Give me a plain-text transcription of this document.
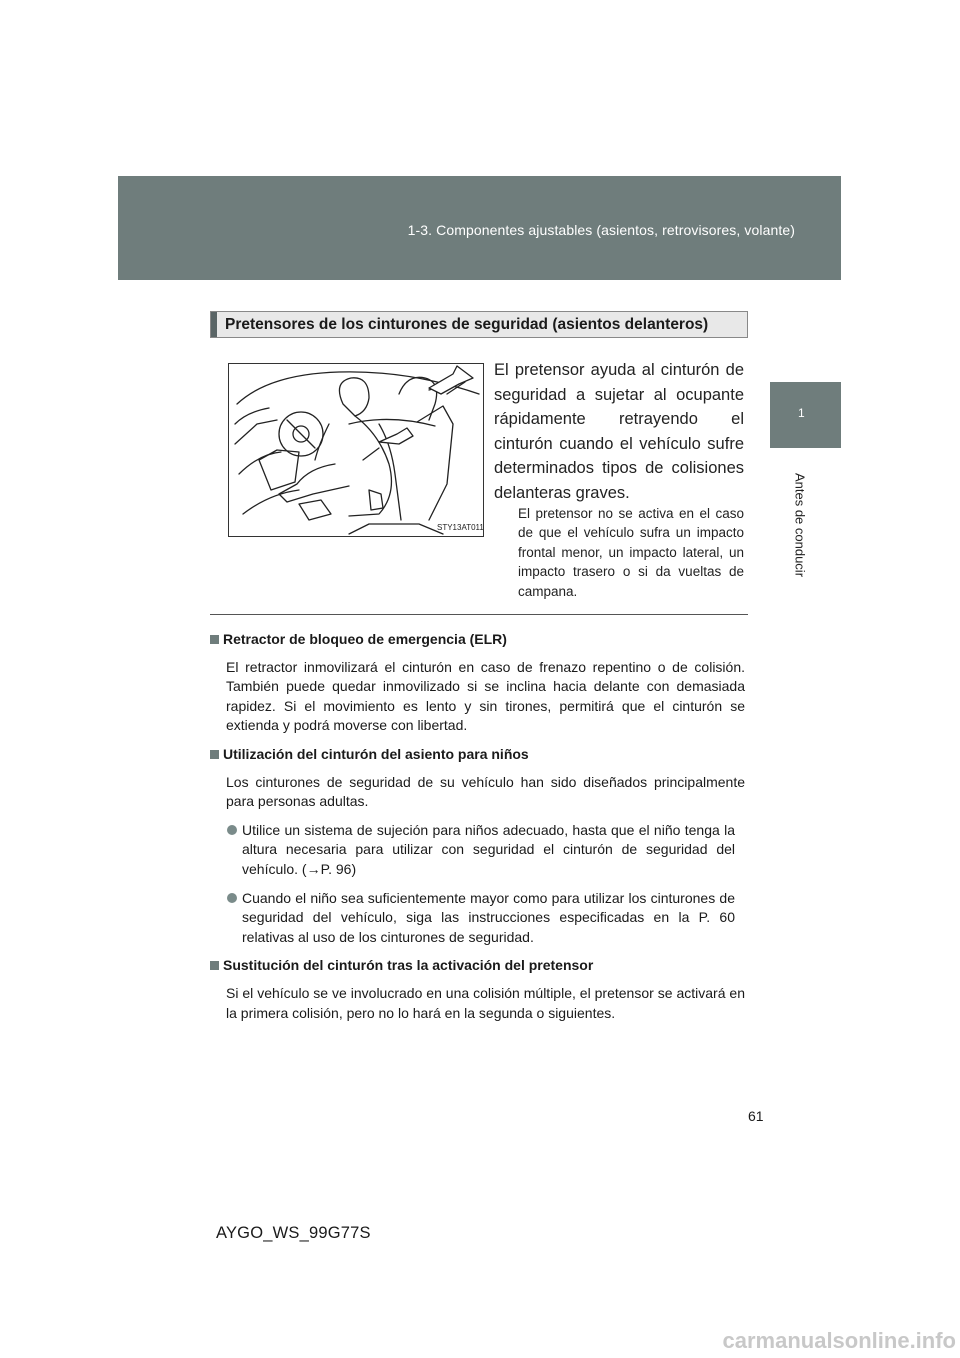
1-3. Componentes ajustables (asientos, retrovisores, volante)
1
Antes de conducir
Pretensores de los cinturones de seguridad (asientos delanteros)
STY13AT011
El pretensor ayuda al cinturón de seguridad a sujetar al ocupante rápidamente retrayendo el cinturón cuando el vehículo sufre determinados tipos de colisiones delanteras graves.
El pretensor no se activa en el caso de que el vehículo sufra un impacto frontal menor, un impacto lateral, un impacto trasero o si da vueltas de campana.
Retractor de bloqueo de emergencia (ELR)
El retractor inmovilizará el cinturón en caso de frenazo repentino o de colisión. También puede quedar inmovilizado si se inclina hacia delante con demasiada rapidez. Si el movimiento es lento y sin tirones, permitirá que el cinturón se extienda y podrá moverse con libertad.
Utilización del cinturón del asiento para niños
Los cinturones de seguridad de su vehículo han sido diseñados principalmente para personas adultas.
Utilice un sistema de sujeción para niños adecuado, hasta que el niño tenga la altura necesaria para utilizar con seguridad el cinturón de seguridad del vehículo. (→P. 96)
Cuando el niño sea suficientemente mayor como para utilizar los cinturones de seguridad del vehículo, siga las instrucciones especificadas en la P. 60 relativas al uso de los cinturones de seguridad.
Sustitución del cinturón tras la activación del pretensor
Si el vehículo se ve involucrado en una colisión múltiple, el pretensor se activará en la primera colisión, pero no lo hará en la segunda o siguientes.
61
AYGO_WS_99G77S
carmanualsonline.info
